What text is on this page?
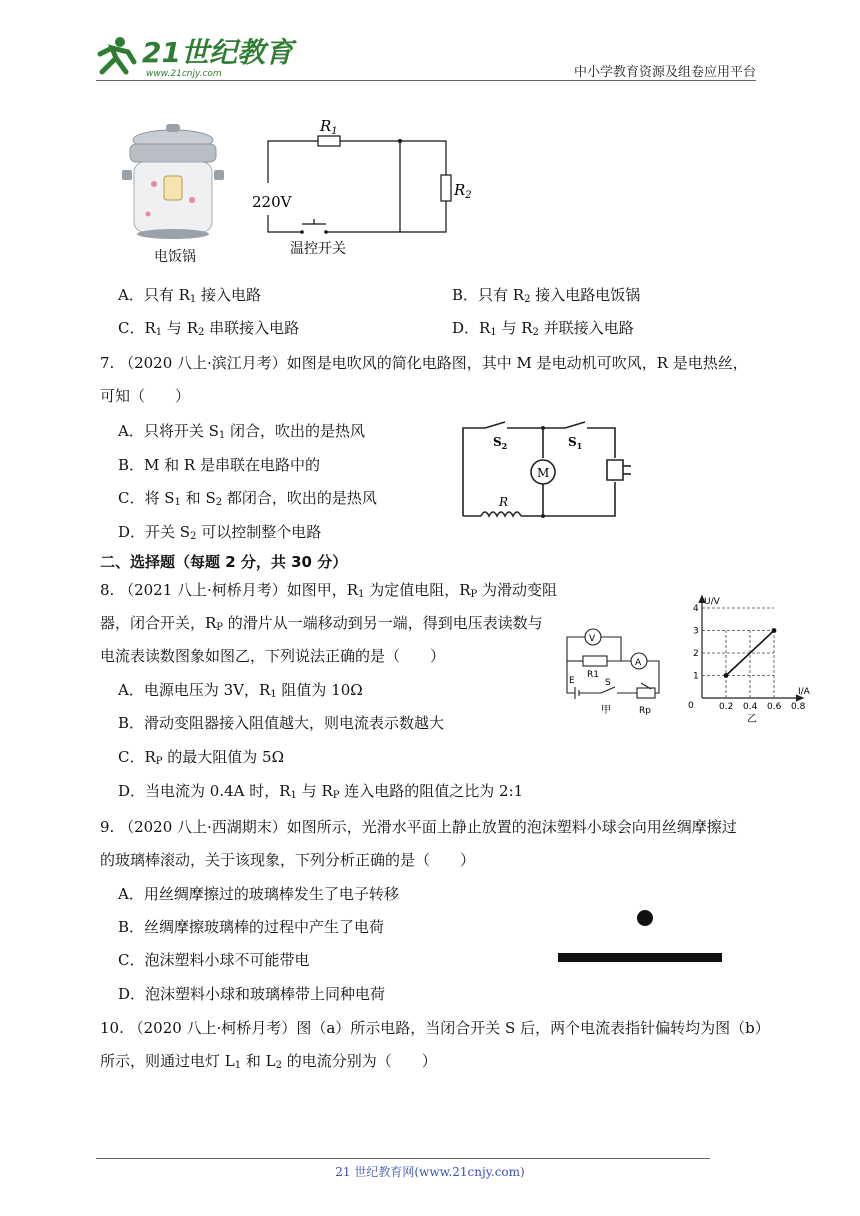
21世纪教育
www.21cnjy.com	中小学教育资源及组卷应用平台
电饭锅
$R_1$
$R_2$
220V
温控开关
A．只有 $R_1$ 接入电路	B．只有 $R_2$ 接入电路电饭锅
C．$R_1$ 与 $R_2$ 串联接入电路	D．$R_1$ 与 $R_2$ 并联接入电路
7. （2020 八上·滨江月考）如图是电吹风的简化电路图，其中 M 是电动机可吹风，R 是电热丝，
可知（　　）
A．只将开关 $S_1$ 闭合，吹出的是热风
B．M 和 R 是串联在电路中的
C．将 $S_1$ 和 $S_2$ 都闭合，吹出的是热风
D．开关 $S_2$ 可以控制整个电路
$S_2$	$S_1$
M
R
二、选择题（每题 2 分，共 30 分）
8. （2021 八上·柯桥月考）如图甲，$R_1$ 为定值电阻，$R_P$ 为滑动变阻
器，闭合开关，$R_P$ 的滑片从一端移动到另一端，得到电压表读数与
电流表读数图象如图乙，下列说法正确的是（　　）
A．电源电压为 3V，$R_1$ 阻值为 10Ω
B．滑动变阻器接入阻值越大，则电流表示数越大
C．$R_P$ 的最大阻值为 5Ω
D．当电流为 0.4A 时，$R_1$ 与 $R_P$ 连入电路的阻值之比为 2:1
V
A
R1
E	S
Rp
甲
U/V
I/A
0
乙
1
2
3
4
0.2 0.4 0.6 0.8
9. （2020 八上·西湖期末）如图所示，光滑水平面上静止放置的泡沫塑料小球会向用丝绸摩擦过
的玻璃棒滚动，关于该现象，下列分析正确的是（　　）
A．用丝绸摩擦过的玻璃棒发生了电子转移
B．丝绸摩擦玻璃棒的过程中产生了电荷
C．泡沫塑料小球不可能带电
D．泡沫塑料小球和玻璃棒带上同种电荷
10. （2020 八上·柯桥月考）图（a）所示电路，当闭合开关 S 后，两个电流表指针偏转均为图（b）
所示，则通过电灯 $L_1$ 和 $L_2$ 的电流分别为（　　）
21 世纪教育网(www.21cnjy.com)
